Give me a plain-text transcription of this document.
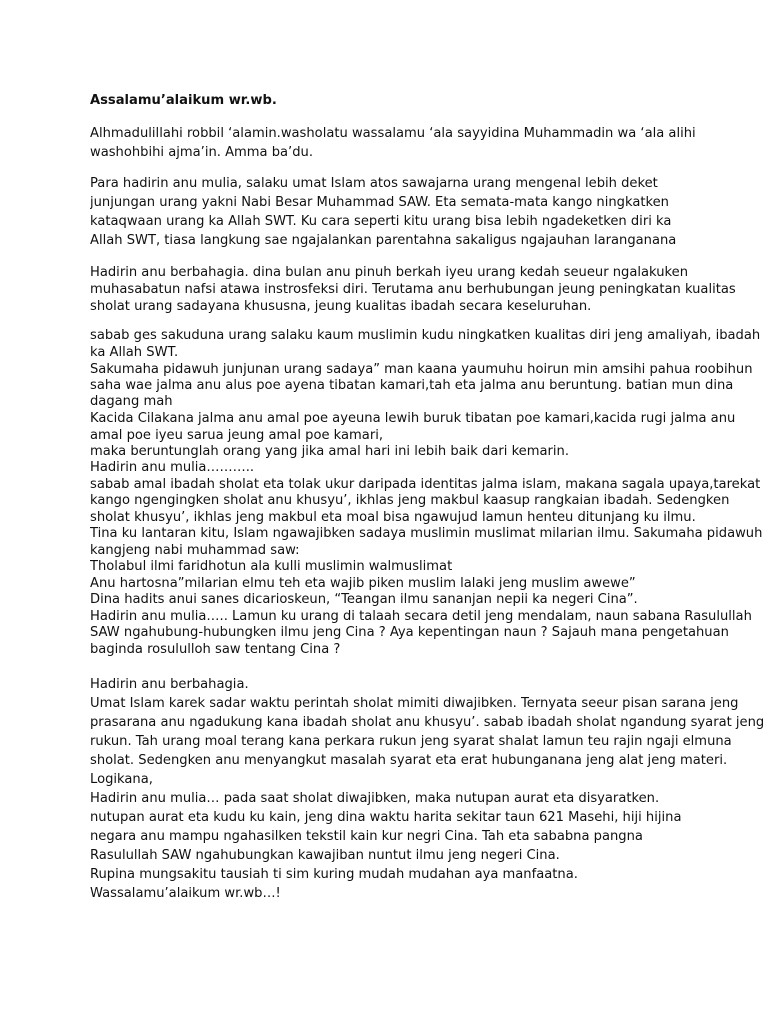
Assalamu’alaikum wr.wb.
Alhmadulillahi robbil ‘alamin.washolatu wassalamu ‘ala sayyidina Muhammadin wa ‘ala alihi
washohbihi ajma’in. Amma ba’du.
Para hadirin anu mulia, salaku umat Islam atos sawajarna urang mengenal lebih deket
junjungan urang yakni Nabi Besar Muhammad SAW. Eta semata-mata kango ningkatken
kataqwaan urang ka Allah SWT. Ku cara seperti kitu urang bisa lebih ngadeketken diri ka
Allah SWT, tiasa langkung sae ngajalankan parentahna sakaligus ngajauhan laranganana
Hadirin anu berbahagia. dina bulan anu pinuh berkah iyeu urang kedah seueur ngalakuken
muhasabatun nafsi atawa instrosfeksi diri. Terutama anu berhubungan jeung peningkatan kualitas
sholat urang sadayana khususna, jeung kualitas ibadah secara keseluruhan.
sabab ges sakuduna urang salaku kaum muslimin kudu ningkatken kualitas diri jeng amaliyah, ibadah
ka Allah SWT.
Sakumaha pidawuh junjunan urang sadaya” man kaana yaumuhu hoirun min amsihi pahua roobihun
saha wae jalma anu alus poe ayena tibatan kamari,tah eta jalma anu beruntung. batian mun dina
dagang mah
Kacida Cilakana jalma anu amal poe ayeuna lewih buruk tibatan poe kamari,kacida rugi jalma anu
amal poe iyeu sarua jeung amal poe kamari,
maka beruntunglah orang yang jika amal hari ini lebih baik dari kemarin.
Hadirin anu mulia………..
sabab amal ibadah sholat eta tolak ukur daripada identitas jalma islam, makana sagala upaya,tarekat
kango ngengingken sholat anu khusyu’, ikhlas jeng makbul kaasup rangkaian ibadah. Sedengken
sholat khusyu’, ikhlas jeng makbul eta moal bisa ngawujud lamun henteu ditunjang ku ilmu.
Tina ku lantaran kitu, Islam ngawajibken sadaya muslimin muslimat milarian ilmu. Sakumaha pidawuh
kangjeng nabi muhammad saw:
Tholabul ilmi faridhotun ala kulli muslimin walmuslimat
Anu hartosna”milarian elmu teh eta wajib piken muslim lalaki jeng muslim awewe”
Dina hadits anui sanes dicarioskeun, “Teangan ilmu sananjan nepii ka negeri Cina”.
Hadirin anu mulia….. Lamun ku urang di talaah secara detil jeng mendalam, naun sabana Rasulullah
SAW ngahubung-hubungken ilmu jeng Cina ? Aya kepentingan naun ? Sajauh mana pengetahuan
baginda rosululloh saw tentang Cina ?
Hadirin anu berbahagia.
Umat Islam karek sadar waktu perintah sholat mimiti diwajibken. Ternyata seeur pisan sarana jeng
prasarana anu ngadukung kana ibadah sholat anu khusyu’. sabab ibadah sholat ngandung syarat jeng
rukun. Tah urang moal terang kana perkara rukun jeng syarat shalat lamun teu rajin ngaji elmuna
sholat. Sedengken anu menyangkut masalah syarat eta erat hubunganana jeng alat jeng materi.
Logikana,
Hadirin anu mulia… pada saat sholat diwajibken, maka nutupan aurat eta disyaratken.
nutupan aurat eta kudu ku kain, jeng dina waktu harita sekitar taun 621 Masehi, hiji hijina
negara anu mampu ngahasilken tekstil kain kur negri Cina. Tah eta sababna pangna
Rasulullah SAW ngahubungkan kawajiban nuntut ilmu jeng negeri Cina.
Rupina mungsakitu tausiah ti sim kuring mudah mudahan aya manfaatna.
Wassalamu’alaikum wr.wb…!
